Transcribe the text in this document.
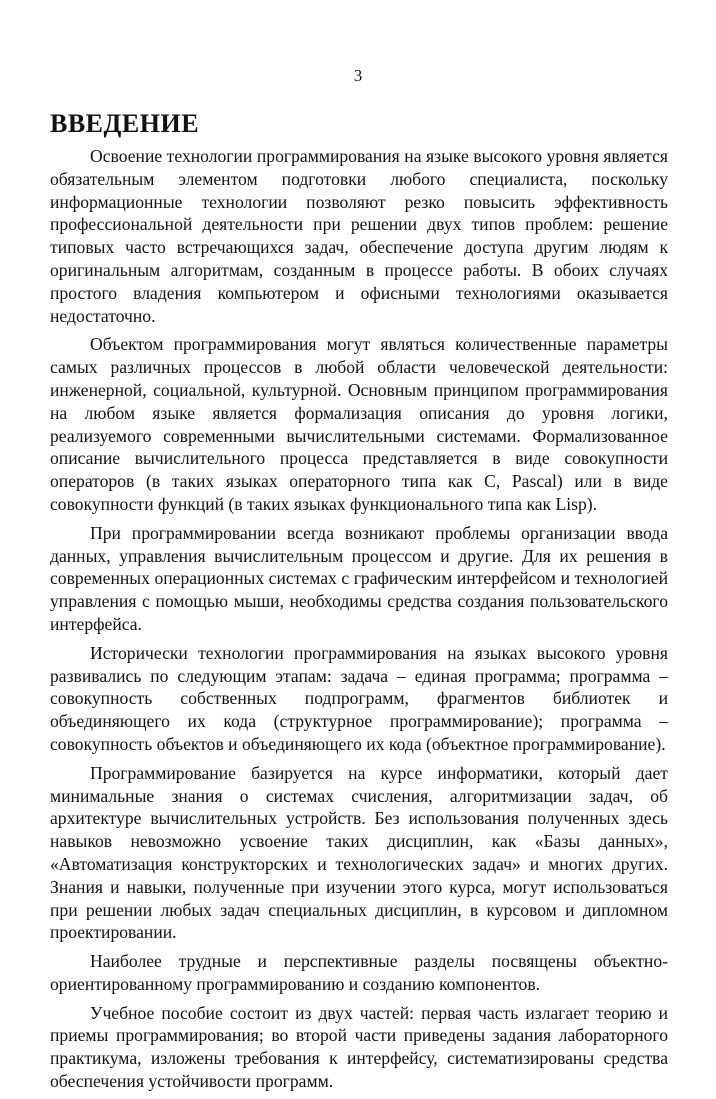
3
ВВЕДЕНИЕ

Освоение технологии программирования на языке высокого уровня является обязательным элементом подготовки любого специалиста, поскольку информационные технологии позволяют резко повысить эффективность профессиональной деятельности при решении двух типов проблем: решение типовых часто встречающихся задач, обеспечение доступа другим людям к оригинальным алгоритмам, созданным в процессе работы. В обоих случаях простого владения компьютером и офисными технологиями оказывается недостаточно.

Объектом программирования могут являться количественные параметры самых различных процессов в любой области человеческой деятельности: инженерной, социальной, культурной. Основным принципом программирования на любом языке является формализация описания до уровня логики, реализуемого современными вычислительными системами. Формализованное описание вычислительного процесса представляется в виде совокупности операторов (в таких языках операторного типа как С, Pascal) или в виде совокупности функций (в таких языках функционального типа как Lisp).

При программировании всегда возникают проблемы организации ввода данных, управления вычислительным процессом и другие. Для их решения в современных операционных системах с графическим интерфейсом и технологией управления с помощью мыши, необходимы средства создания пользовательского интерфейса.

Исторически технологии программирования на языках высокого уровня развивались по следующим этапам: задача – единая программа; программа – совокупность собственных подпрограмм, фрагментов библиотек и объединяющего их кода (структурное программирование); программа – совокупность объектов и объединяющего их кода (объектное программирование).

Программирование базируется на курсе информатики, который дает минимальные знания о системах счисления, алгоритмизации задач, об архитектуре вычислительных устройств. Без использования полученных здесь навыков невозможно усвоение таких дисциплин, как «Базы данных», «Автоматизация конструкторских и технологических задач» и многих других. Знания и навыки, полученные при изучении этого курса, могут использоваться при решении любых задач специальных дисциплин, в курсовом и дипломном проектировании.

Наиболее трудные и перспективные разделы посвящены объектно-ориентированному программированию и созданию компонентов.

Учебное пособие состоит из двух частей: первая часть излагает теорию и приемы программирования; во второй части приведены задания лабораторного практикума, изложены требования к интерфейсу, систематизированы средства обеспечения устойчивости программ.
